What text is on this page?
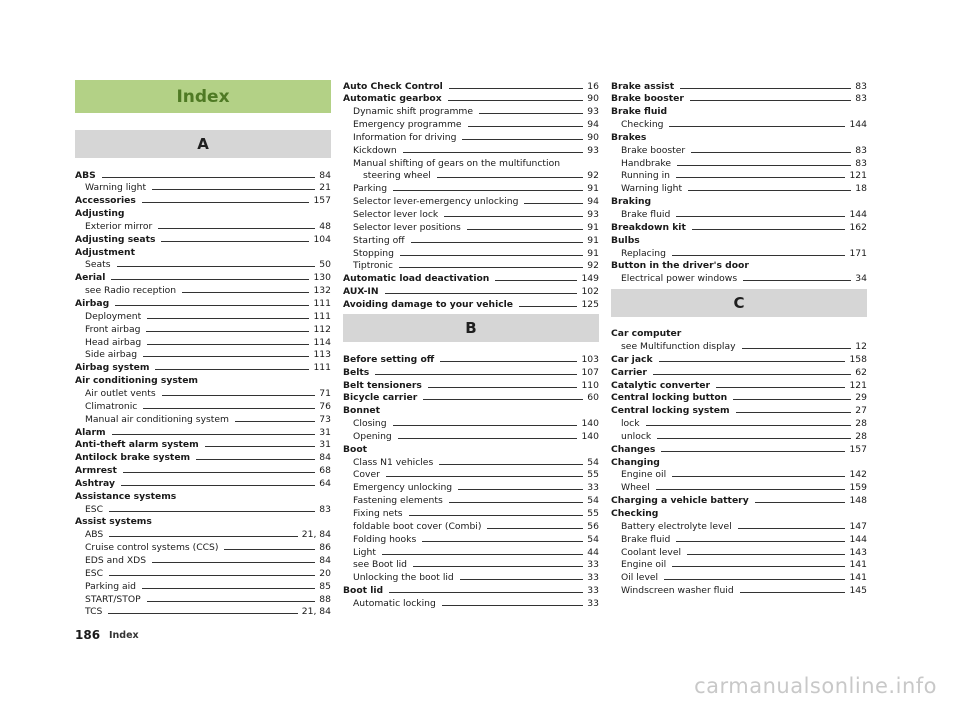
Index
A
ABS	84
Warning light	21
Accessories	157
Adjusting
Exterior mirror	48
Adjusting seats	104
Adjustment
Seats	50
Aerial	130
see Radio reception	132
Airbag	111
Deployment	111
Front airbag	112
Head airbag	114
Side airbag	113
Airbag system	111
Air conditioning system
Air outlet vents	71
Climatronic	76
Manual air conditioning system	73
Alarm	31
Anti-theft alarm system	31
Antilock brake system	84
Armrest	68
Ashtray	64
Assistance systems
ESC	83
Assist systems
ABS	21, 84
Cruise control systems (CCS)	86
EDS and XDS	84
ESC	20
Parking aid	85
START/STOP	88
TCS	21, 84
Auto Check Control	16
Automatic gearbox	90
Dynamic shift programme	93
Emergency programme	94
Information for driving	90
Kickdown	93
Manual shifting of gears on the multifunction
steering wheel	92
Parking	91
Selector lever-emergency unlocking	94
Selector lever lock	93
Selector lever positions	91
Starting off	91
Stopping	91
Tiptronic	92
Automatic load deactivation	149
AUX-IN	102
Avoiding damage to your vehicle	125
B
Before setting off	103
Belts	107
Belt tensioners	110
Bicycle carrier	60
Bonnet
Closing	140
Opening	140
Boot
Class N1 vehicles	54
Cover	55
Emergency unlocking	33
Fastening elements	54
Fixing nets	55
foldable boot cover (Combi)	56
Folding hooks	54
Light	44
see Boot lid	33
Unlocking the boot lid	33
Boot lid	33
Automatic locking	33
Brake assist	83
Brake booster	83
Brake fluid
Checking	144
Brakes
Brake booster	83
Handbrake	83
Running in	121
Warning light	18
Braking
Brake fluid	144
Breakdown kit	162
Bulbs
Replacing	171
Button in the driver's door
Electrical power windows	34
C
Car computer
see Multifunction display	12
Car jack	158
Carrier	62
Catalytic converter	121
Central locking button	29
Central locking system	27
lock	28
unlock	28
Changes	157
Changing
Engine oil	142
Wheel	159
Charging a vehicle battery	148
Checking
Battery electrolyte level	147
Brake fluid	144
Coolant level	143
Engine oil	141
Oil level	141
Windscreen washer fluid	145
186 Index
carmanualsonline.info
